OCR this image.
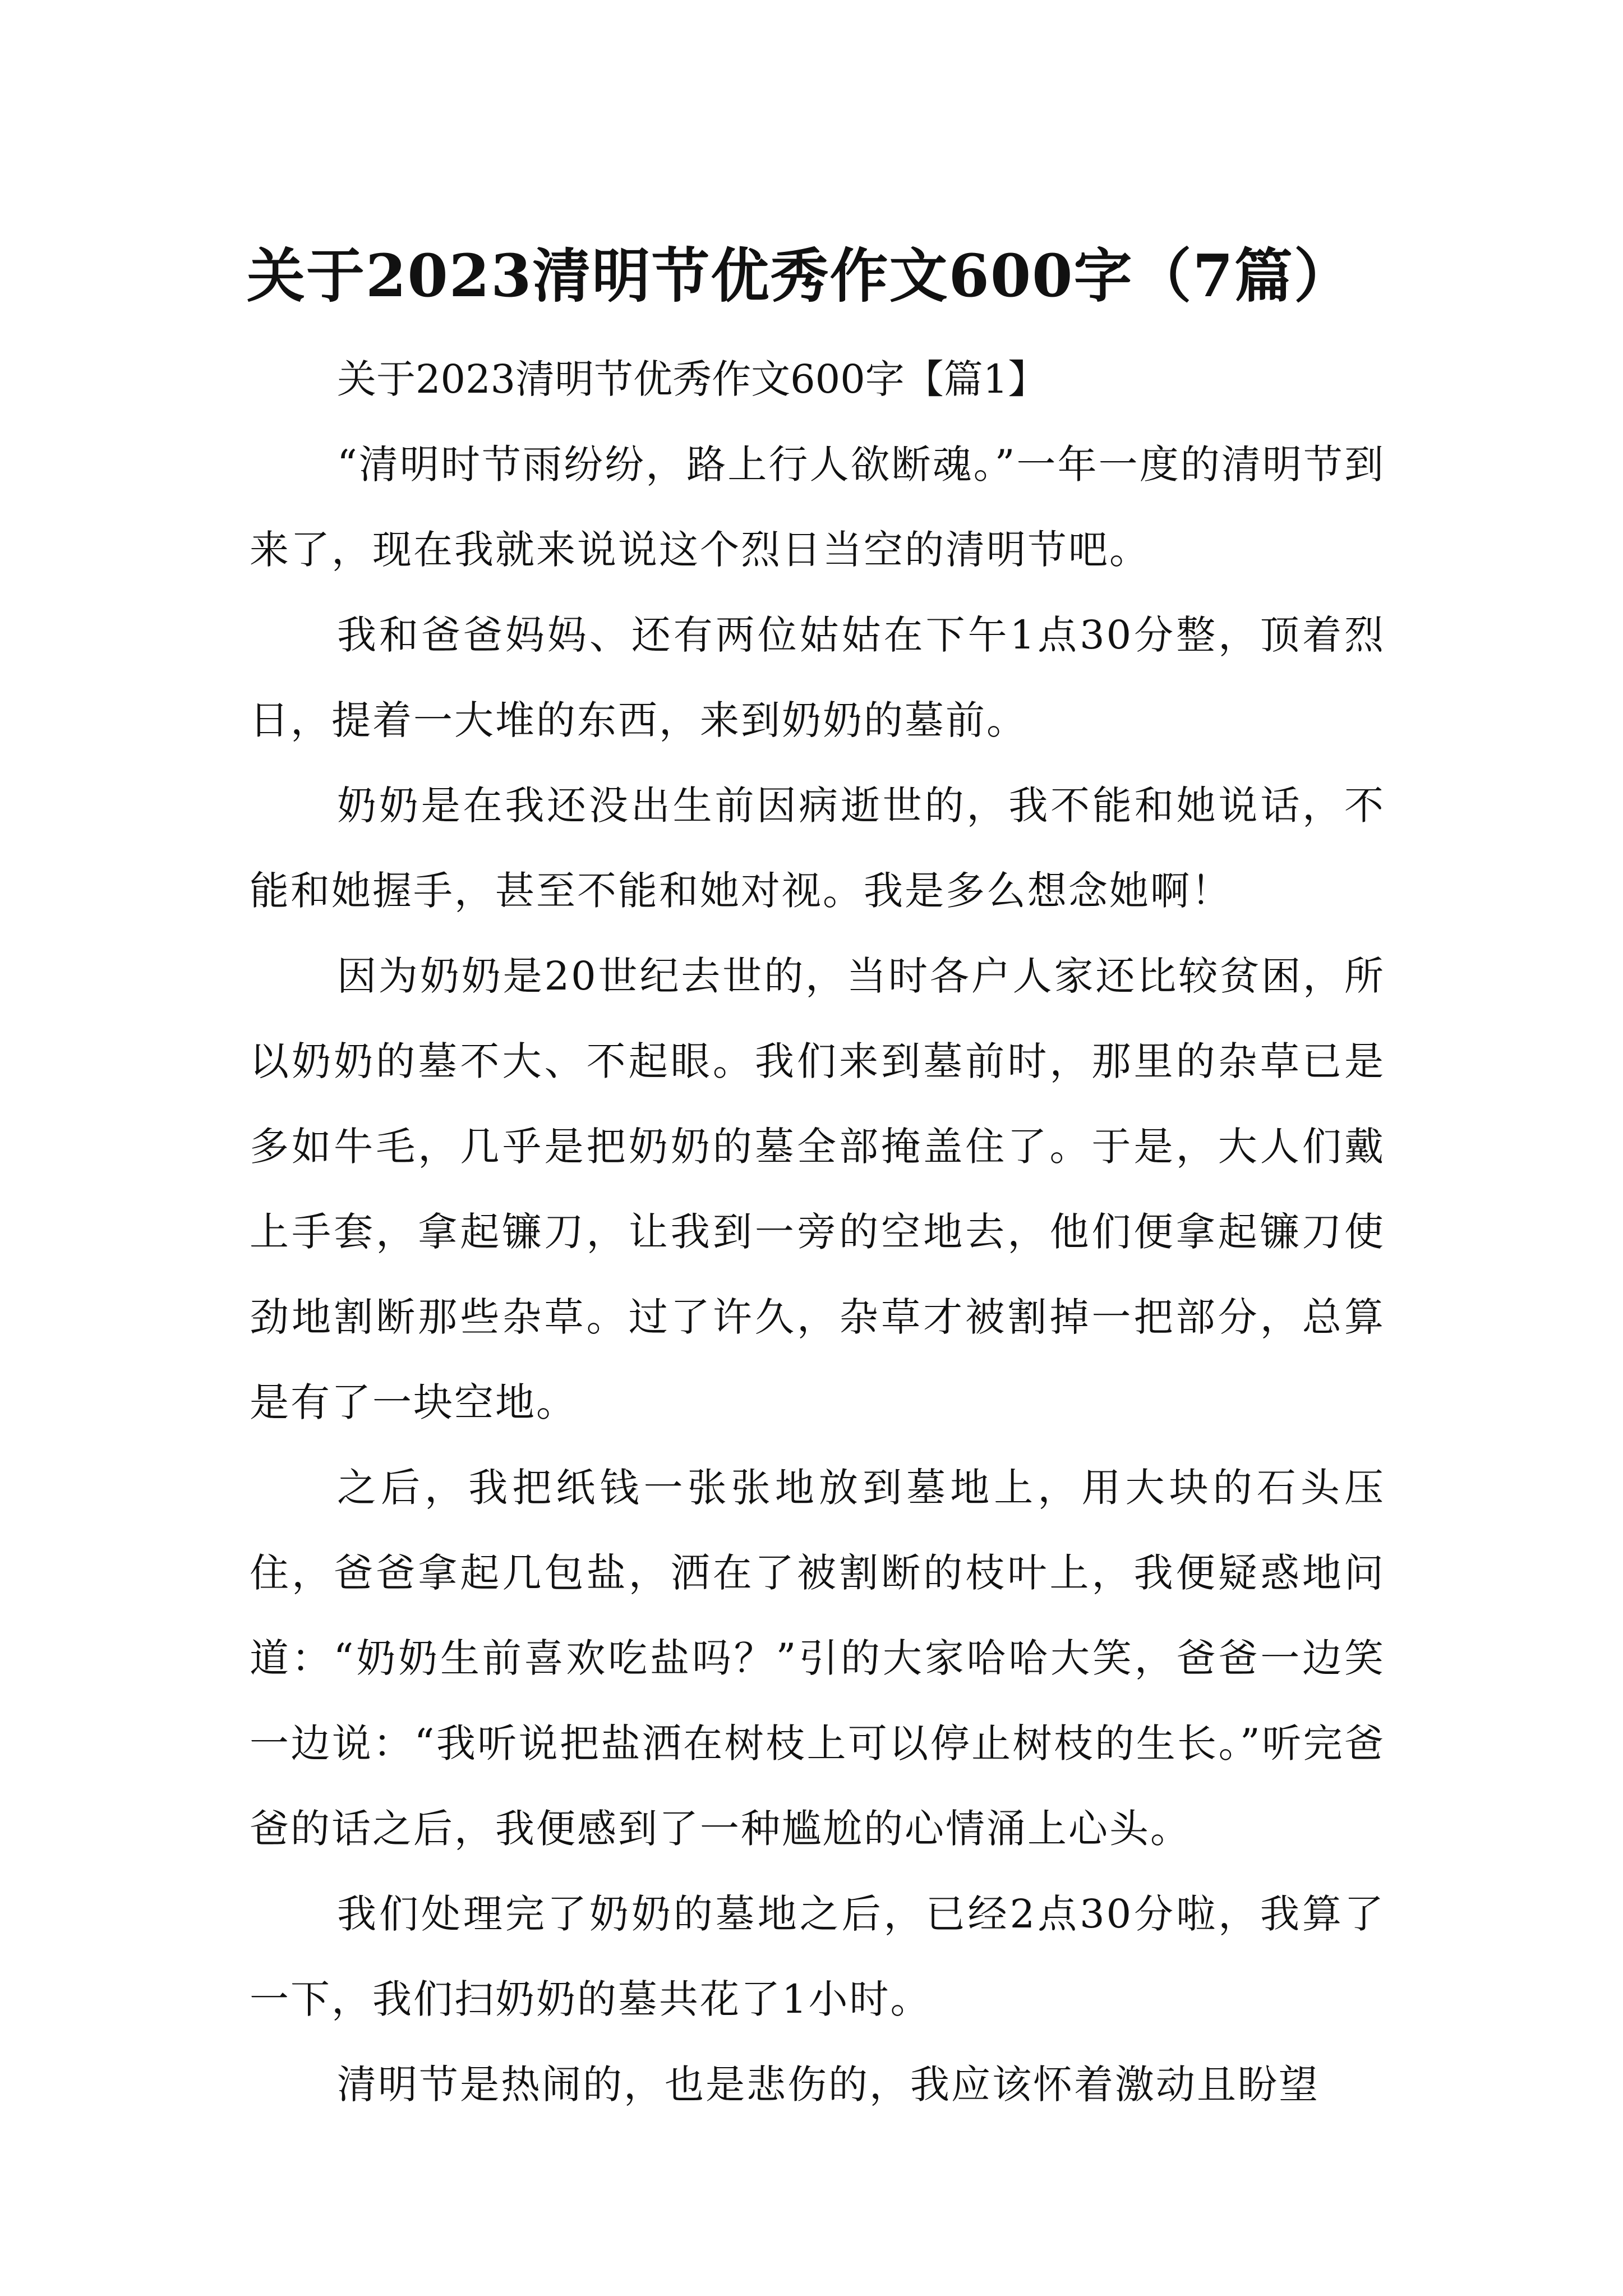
关于2023清明节优秀作文600字（7篇）

关于2023清明节优秀作文600字【篇1】

“清明时节雨纷纷，路上行人欲断魂。”一年一度的清明节到来了，现在我就来说说这个烈日当空的清明节吧。

我和爸爸妈妈、还有两位姑姑在下午1点30分整，顶着烈日，提着一大堆的东西，来到奶奶的墓前。

奶奶是在我还没出生前因病逝世的，我不能和她说话，不能和她握手，甚至不能和她对视。我是多么想念她啊！

因为奶奶是20世纪去世的，当时各户人家还比较贫困，所以奶奶的墓不大、不起眼。我们来到墓前时，那里的杂草已是多如牛毛，几乎是把奶奶的墓全部掩盖住了。于是，大人们戴上手套，拿起镰刀，让我到一旁的空地去，他们便拿起镰刀使劲地割断那些杂草。过了许久，杂草才被割掉一把部分，总算是有了一块空地。

之后，我把纸钱一张张地放到墓地上，用大块的石头压住，爸爸拿起几包盐，洒在了被割断的枝叶上，我便疑惑地问道：“奶奶生前喜欢吃盐吗？”引的大家哈哈大笑，爸爸一边笑一边说：“我听说把盐洒在树枝上可以停止树枝的生长。”听完爸爸的话之后，我便感到了一种尴尬的心情涌上心头。

我们处理完了奶奶的墓地之后，已经2点30分啦，我算了一下，我们扫奶奶的墓共花了1小时。

清明节是热闹的，也是悲伤的，我应该怀着激动且盼望
